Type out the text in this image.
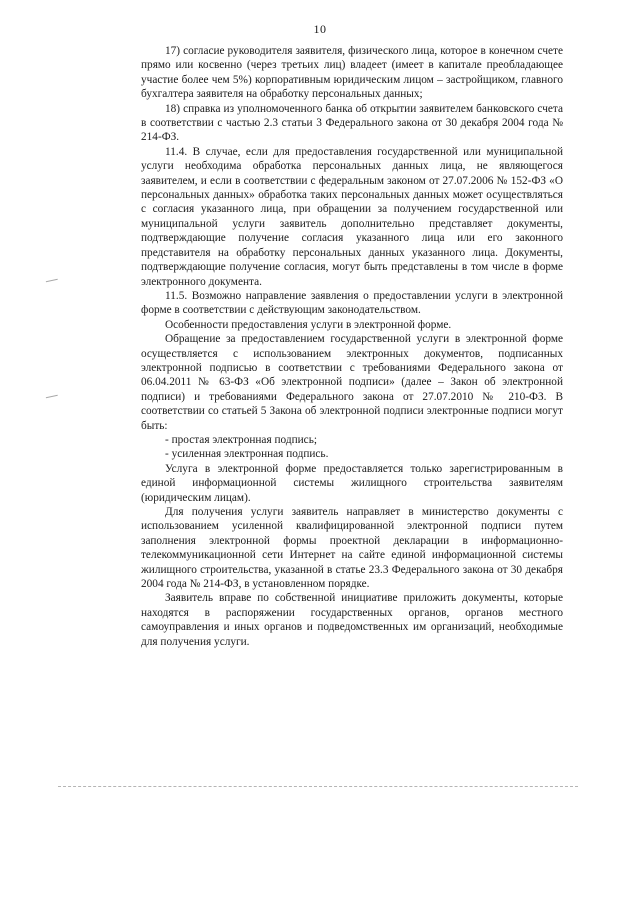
10

17) согласие руководителя заявителя, физического лица, которое в конечном счете прямо или косвенно (через третьих лиц) владеет (имеет в капитале преобладающее участие более чем 5%) корпоративным юридическим лицом – застройщиком, главного бухгалтера заявителя на обработку персональных данных;

18) справка из уполномоченного банка об открытии заявителем банковского счета в соответствии с частью 2.3 статьи 3 Федерального закона от 30 декабря 2004 года № 214-ФЗ.

11.4. В случае, если для предоставления государственной или муниципальной услуги необходима обработка персональных данных лица, не являющегося заявителем, и если в соответствии с федеральным законом от 27.07.2006 № 152-ФЗ «О персональных данных» обработка таких персональных данных может осуществляться с согласия указанного лица, при обращении за получением государственной или муниципальной услуги заявитель дополнительно представляет документы, подтверждающие получение согласия указанного лица или его законного представителя на обработку персональных данных указанного лица. Документы, подтверждающие получение согласия, могут быть представлены в том числе в форме электронного документа.

11.5. Возможно направление заявления о предоставлении услуги в электронной форме в соответствии с действующим законодательством.

Особенности предоставления услуги в электронной форме.

Обращение за предоставлением государственной услуги в электронной форме осуществляется с использованием электронных документов, подписанных электронной подписью в соответствии с требованиями Федерального закона от 06.04.2011 № 63-ФЗ «Об электронной подписи» (далее – Закон об электронной подписи) и требованиями Федерального закона от 27.07.2010 № 210-ФЗ. В соответствии со статьей 5 Закона об электронной подписи электронные подписи могут быть:

- простая электронная подпись;

- усиленная электронная подпись.

Услуга в электронной форме предоставляется только зарегистрированным в единой информационной системы жилищного строительства заявителям (юридическим лицам).

Для получения услуги заявитель направляет в министерство документы с использованием усиленной квалифицированной электронной подписи путем заполнения электронной формы проектной декларации в информационно-телекоммуникационной сети Интернет на сайте единой информационной системы жилищного строительства, указанной в статье 23.3 Федерального закона от 30 декабря 2004 года № 214-ФЗ, в установленном порядке.

Заявитель вправе по собственной инициативе приложить документы, которые находятся в распоряжении государственных органов, органов местного самоуправления и иных органов и подведомственных им организаций, необходимые для получения услуги.
